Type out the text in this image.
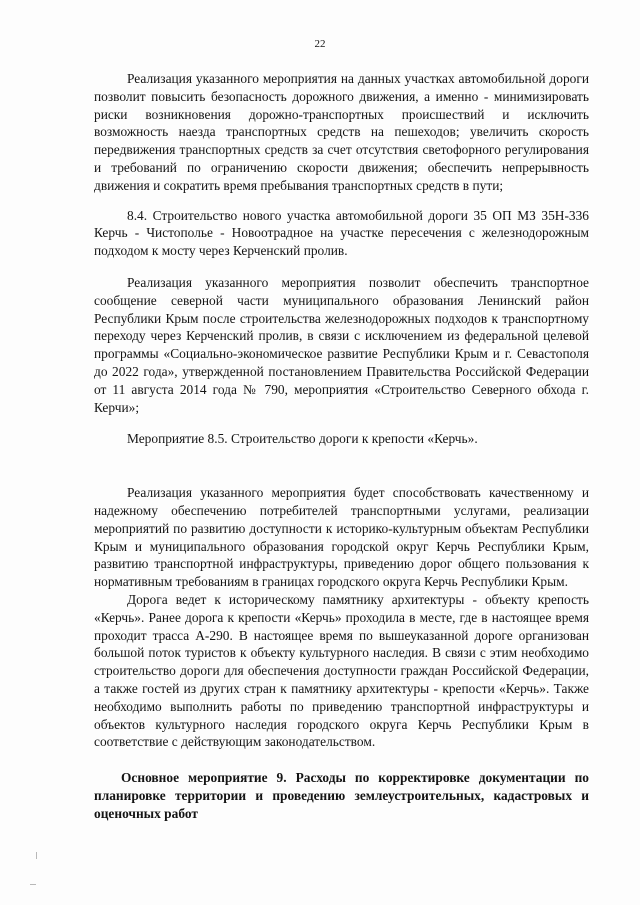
22

Реализация указанного мероприятия на данных участках автомобильной дороги позволит повысить безопасность дорожного движения, а именно - минимизировать риски возникновения дорожно-транспортных происшествий и исключить возможность наезда транспортных средств на пешеходов; увеличить скорость передвижения транспортных средств за счет отсутствия светофорного регулирования и требований по ограничению скорости движения; обеспечить непрерывность движения и сократить время пребывания транспортных средств в пути;

8.4. Строительство нового участка автомобильной дороги 35 ОП МЗ 35Н-336 Керчь - Чистополье - Новоотрадное на участке пересечения с железнодорожным подходом к мосту через Керченский пролив.

Реализация указанного мероприятия позволит обеспечить транспортное сообщение северной части муниципального образования Ленинский район Республики Крым после строительства железнодорожных подходов к транспортному переходу через Керченский пролив, в связи с исключением из федеральной целевой программы «Социально-экономическое развитие Республики Крым и г. Севастополя до 2022 года», утвержденной постановлением Правительства Российской Федерации от 11 августа 2014 года № 790, мероприятия «Строительство Северного обхода г. Керчи»;

Мероприятие 8.5. Строительство дороги к крепости «Керчь».

Реализация указанного мероприятия будет способствовать качественному и надежному обеспечению потребителей транспортными услугами, реализации мероприятий по развитию доступности к историко-культурным объектам Республики Крым и муниципального образования городской округ Керчь Республики Крым, развитию транспортной инфраструктуры, приведению дорог общего пользования к нормативным требованиям в границах городского округа Керчь Республики Крым.

Дорога ведет к историческому памятнику архитектуры - объекту крепость «Керчь». Ранее дорога к крепости «Керчь» проходила в месте, где в настоящее время проходит трасса А-290. В настоящее время по вышеуказанной дороге организован большой поток туристов к объекту культурного наследия. В связи с этим необходимо строительство дороги для обеспечения доступности граждан Российской Федерации, а также гостей из других стран к памятнику архитектуры - крепости «Керчь». Также необходимо выполнить работы по приведению транспортной инфраструктуры и объектов культурного наследия городского округа Керчь Республики Крым в соответствие с действующим законодательством.

Основное мероприятие 9. Расходы по корректировке документации по планировке территории и проведению землеустроительных, кадастровых и оценочных работ
